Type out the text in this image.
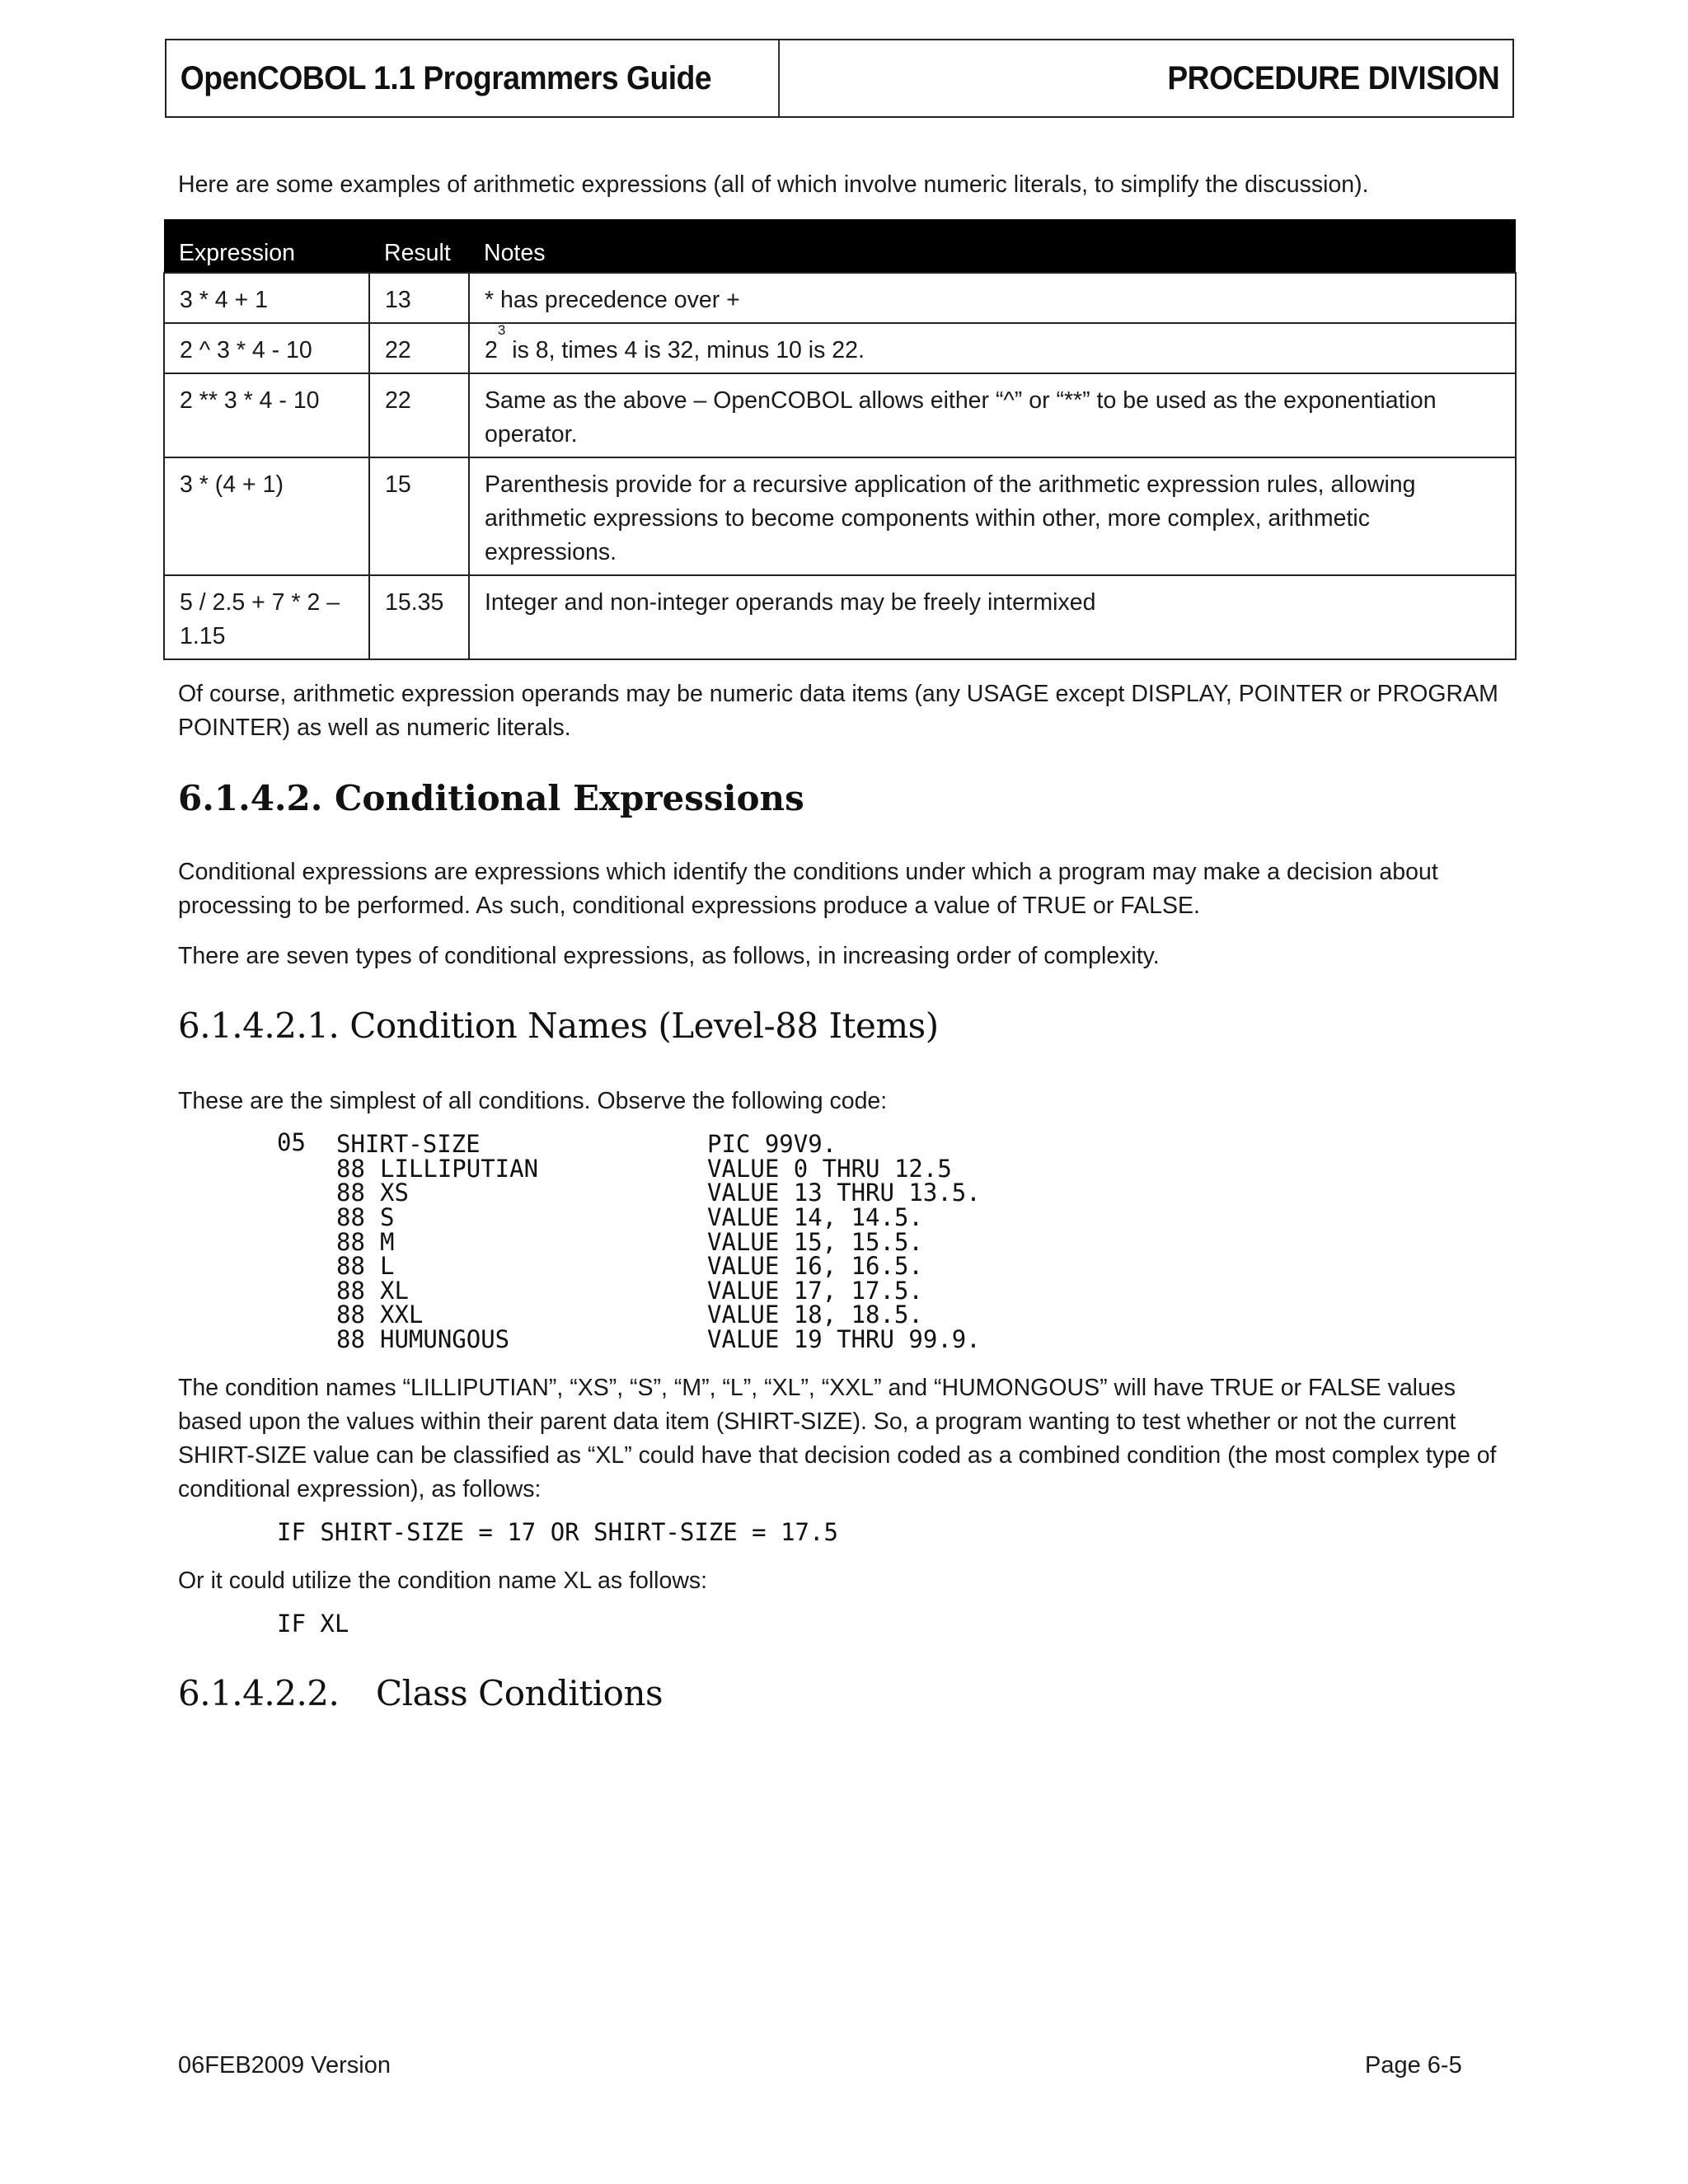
OpenCOBOL 1.1 Programmers Guide	PROCEDURE DIVISION
Here are some examples of arithmetic expressions (all of which involve numeric literals, to simplify the discussion).
Expression	Result	Notes
3 * 4 + 1	13	* has precedence over +
2 ^ 3 * 4 - 10	22	$2^3$ is 8, times 4 is 32, minus 10 is 22.
2 ** 3 * 4 - 10	22	Same as the above – OpenCOBOL allows either “^” or “**” to be used as the exponentiation operator.
3 * (4 + 1)	15	Parenthesis provide for a recursive application of the arithmetic expression rules, allowing arithmetic expressions to become components within other, more complex, arithmetic expressions.
5 / 2.5 + 7 * 2 – 1.15	15.35	Integer and non-integer operands may be freely intermixed
Of course, arithmetic expression operands may be numeric data items (any USAGE except DISPLAY, POINTER or PROGRAM POINTER) as well as numeric literals.
6.1.4.2. Conditional Expressions
Conditional expressions are expressions which identify the conditions under which a program may make a decision about processing to be performed. As such, conditional expressions produce a value of TRUE or FALSE.
There are seven types of conditional expressions, as follows, in increasing order of complexity.
6.1.4.2.1. Condition Names (Level-88 Items)
These are the simplest of all conditions. Observe the following code:
05 SHIRT-SIZE	PIC 99V9.
88 LILLIPUTIAN	VALUE 0 THRU 12.5
88 XS	VALUE 13 THRU 13.5.
88 S	VALUE 14, 14.5.
88 M	VALUE 15, 15.5.
88 L	VALUE 16, 16.5.
88 XL	VALUE 17, 17.5.
88 XXL	VALUE 18, 18.5.
88 HUMUNGOUS	VALUE 19 THRU 99.9.
The condition names “LILLIPUTIAN”, “XS”, “S”, “M”, “L”, “XL”, “XXL” and “HUMONGOUS” will have TRUE or FALSE values based upon the values within their parent data item (SHIRT-SIZE). So, a program wanting to test whether or not the current SHIRT-SIZE value can be classified as “XL” could have that decision coded as a combined condition (the most complex type of conditional expression), as follows:
IF SHIRT-SIZE = 17 OR SHIRT-SIZE = 17.5
Or it could utilize the condition name XL as follows:
IF XL
6.1.4.2.2. Class Conditions
06FEB2009 Version	Page 6-5
